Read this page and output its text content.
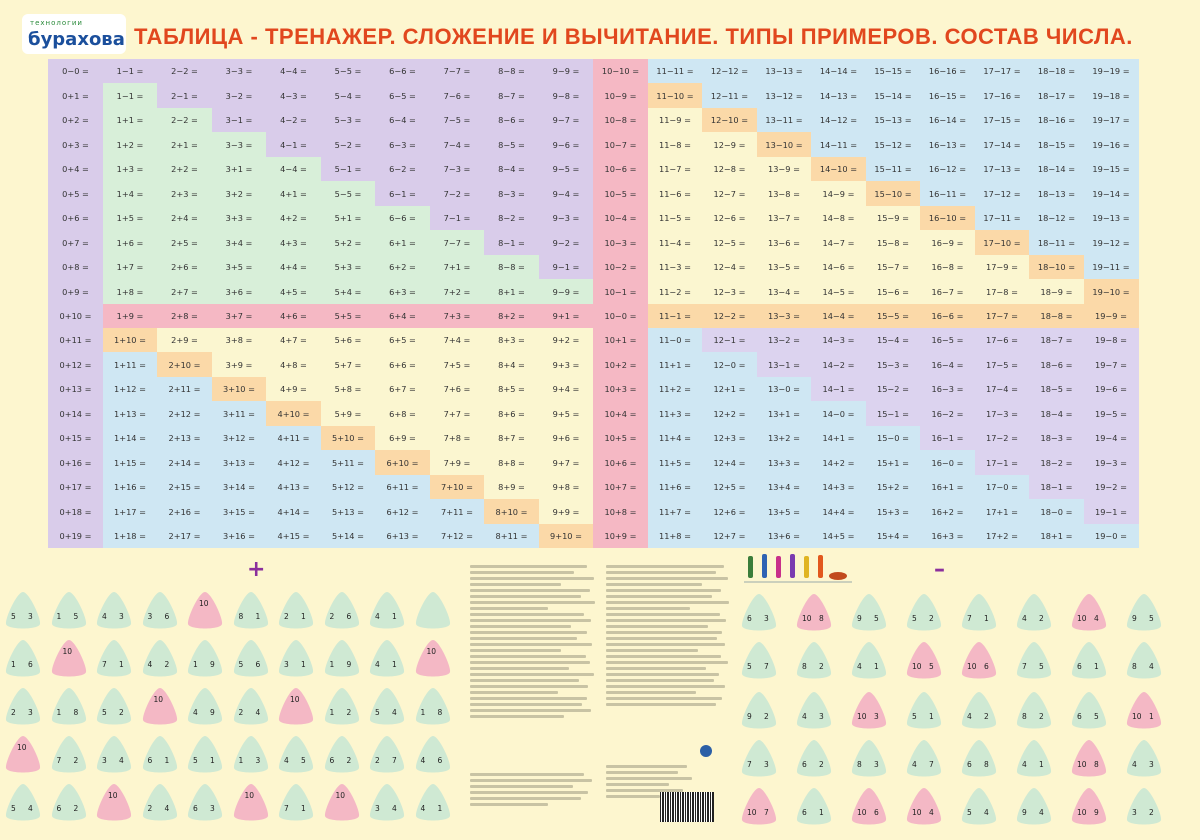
технологии
бурахова ТАБЛИЦА - ТРЕНАЖЕР. СЛОЖЕНИЕ И ВЫЧИТАНИЕ. ТИПЫ ПРИМЕРОВ. СОСТАВ ЧИСЛА.
0−0 =	1−1 =	2−2 =	3−3 =	4−4 =	5−5 =	6−6 =	7−7 =	8−8 =	9−9 =	10−10 =	11−11 =	12−12 =	13−13 =	14−14 =	15−15 =	16−16 =	17−17 =	18−18 =	19−19 =
0+1 =	1−1 =	2−1 =	3−2 =	4−3 =	5−4 =	6−5 =	7−6 =	8−7 =	9−8 =	10−9 =	11−10 =	12−11 =	13−12 =	14−13 =	15−14 =	16−15 =	17−16 =	18−17 =	19−18 =
0+2 =	1+1 =	2−2 =	3−1 =	4−2 =	5−3 =	6−4 =	7−5 =	8−6 =	9−7 =	10−8 =	11−9 =	12−10 =	13−11 =	14−12 =	15−13 =	16−14 =	17−15 =	18−16 =	19−17 =
0+3 =	1+2 =	2+1 =	3−3 =	4−1 =	5−2 =	6−3 =	7−4 =	8−5 =	9−6 =	10−7 =	11−8 =	12−9 =	13−10 =	14−11 =	15−12 =	16−13 =	17−14 =	18−15 =	19−16 =
0+4 =	1+3 =	2+2 =	3+1 =	4−4 =	5−1 =	6−2 =	7−3 =	8−4 =	9−5 =	10−6 =	11−7 =	12−8 =	13−9 =	14−10 =	15−11 =	16−12 =	17−13 =	18−14 =	19−15 =
0+5 =	1+4 =	2+3 =	3+2 =	4+1 =	5−5 =	6−1 =	7−2 =	8−3 =	9−4 =	10−5 =	11−6 =	12−7 =	13−8 =	14−9 =	15−10 =	16−11 =	17−12 =	18−13 =	19−14 =
0+6 =	1+5 =	2+4 =	3+3 =	4+2 =	5+1 =	6−6 =	7−1 =	8−2 =	9−3 =	10−4 =	11−5 =	12−6 =	13−7 =	14−8 =	15−9 =	16−10 =	17−11 =	18−12 =	19−13 =
0+7 =	1+6 =	2+5 =	3+4 =	4+3 =	5+2 =	6+1 =	7−7 =	8−1 =	9−2 =	10−3 =	11−4 =	12−5 =	13−6 =	14−7 =	15−8 =	16−9 =	17−10 =	18−11 =	19−12 =
0+8 =	1+7 =	2+6 =	3+5 =	4+4 =	5+3 =	6+2 =	7+1 =	8−8 =	9−1 =	10−2 =	11−3 =	12−4 =	13−5 =	14−6 =	15−7 =	16−8 =	17−9 =	18−10 =	19−11 =
0+9 =	1+8 =	2+7 =	3+6 =	4+5 =	5+4 =	6+3 =	7+2 =	8+1 =	9−9 =	10−1 =	11−2 =	12−3 =	13−4 =	14−5 =	15−6 =	16−7 =	17−8 =	18−9 =	19−10 =
0+10 =	1+9 =	2+8 =	3+7 =	4+6 =	5+5 =	6+4 =	7+3 =	8+2 =	9+1 =	10−0 =	11−1 =	12−2 =	13−3 =	14−4 =	15−5 =	16−6 =	17−7 =	18−8 =	19−9 =
0+11 =	1+10 =	2+9 =	3+8 =	4+7 =	5+6 =	6+5 =	7+4 =	8+3 =	9+2 =	10+1 =	11−0 =	12−1 =	13−2 =	14−3 =	15−4 =	16−5 =	17−6 =	18−7 =	19−8 =
0+12 =	1+11 =	2+10 =	3+9 =	4+8 =	5+7 =	6+6 =	7+5 =	8+4 =	9+3 =	10+2 =	11+1 =	12−0 =	13−1 =	14−2 =	15−3 =	16−4 =	17−5 =	18−6 =	19−7 =
0+13 =	1+12 =	2+11 =	3+10 =	4+9 =	5+8 =	6+7 =	7+6 =	8+5 =	9+4 =	10+3 =	11+2 =	12+1 =	13−0 =	14−1 =	15−2 =	16−3 =	17−4 =	18−5 =	19−6 =
0+14 =	1+13 =	2+12 =	3+11 =	4+10 =	5+9 =	6+8 =	7+7 =	8+6 =	9+5 =	10+4 =	11+3 =	12+2 =	13+1 =	14−0 =	15−1 =	16−2 =	17−3 =	18−4 =	19−5 =
0+15 =	1+14 =	2+13 =	3+12 =	4+11 =	5+10 =	6+9 =	7+8 =	8+7 =	9+6 =	10+5 =	11+4 =	12+3 =	13+2 =	14+1 =	15−0 =	16−1 =	17−2 =	18−3 =	19−4 =
0+16 =	1+15 =	2+14 =	3+13 =	4+12 =	5+11 =	6+10 =	7+9 =	8+8 =	9+7 =	10+6 =	11+5 =	12+4 =	13+3 =	14+2 =	15+1 =	16−0 =	17−1 =	18−2 =	19−3 =
0+17 =	1+16 =	2+15 =	3+14 =	4+13 =	5+12 =	6+11 =	7+10 =	8+9 =	9+8 =	10+7 =	11+6 =	12+5 =	13+4 =	14+3 =	15+2 =	16+1 =	17−0 =	18−1 =	19−2 =
0+18 =	1+17 =	2+16 =	3+15 =	4+14 =	5+13 =	6+12 =	7+11 =	8+10 =	9+9 =	10+8 =	11+7 =	12+6 =	13+5 =	14+4 =	15+3 =	16+2 =	17+1 =	18−0 =	19−1 =
0+19 =	1+18 =	2+17 =	3+16 =	4+15 =	5+14 =	6+13 =	7+12 =	8+11 =	9+10 =	10+9 =	11+8 =	12+7 =	13+6 =	14+5 =	15+4 =	16+3 =	17+2 =	18+1 =	19−0 =
+	–
5 3	1 5	4 3	3 6
10
8 1	2 1	2 6	4 1
1 6
10
7 1	4 2	1 9	5 6	3 1	1 9	4 1
10
2 3	1 8	5 2
10
4 9	2 4
10
1 2	5 4	1 8
10
7 2	3 4	6 1	5 1	1 3	4 5	6 2	2 7	4 6
5 4	6 2
10
2 4	6 3
10
7 1
10
3 4	4 1
6 3	10 8	9 5	5 2	7 1	4 2	10 4	9 5
5 7	8 2	4 1	10 5	10 6	7 5	6 1	8 4
9 2	4 3	10 3	5 1	4 2	8 2	6 5	10 1
7 3	6 2	8 3	4 7	6 8	4 1	10 8	4 3
10 7	6 1	10 6	10 4	5 4	9 4	10 9	3 2
